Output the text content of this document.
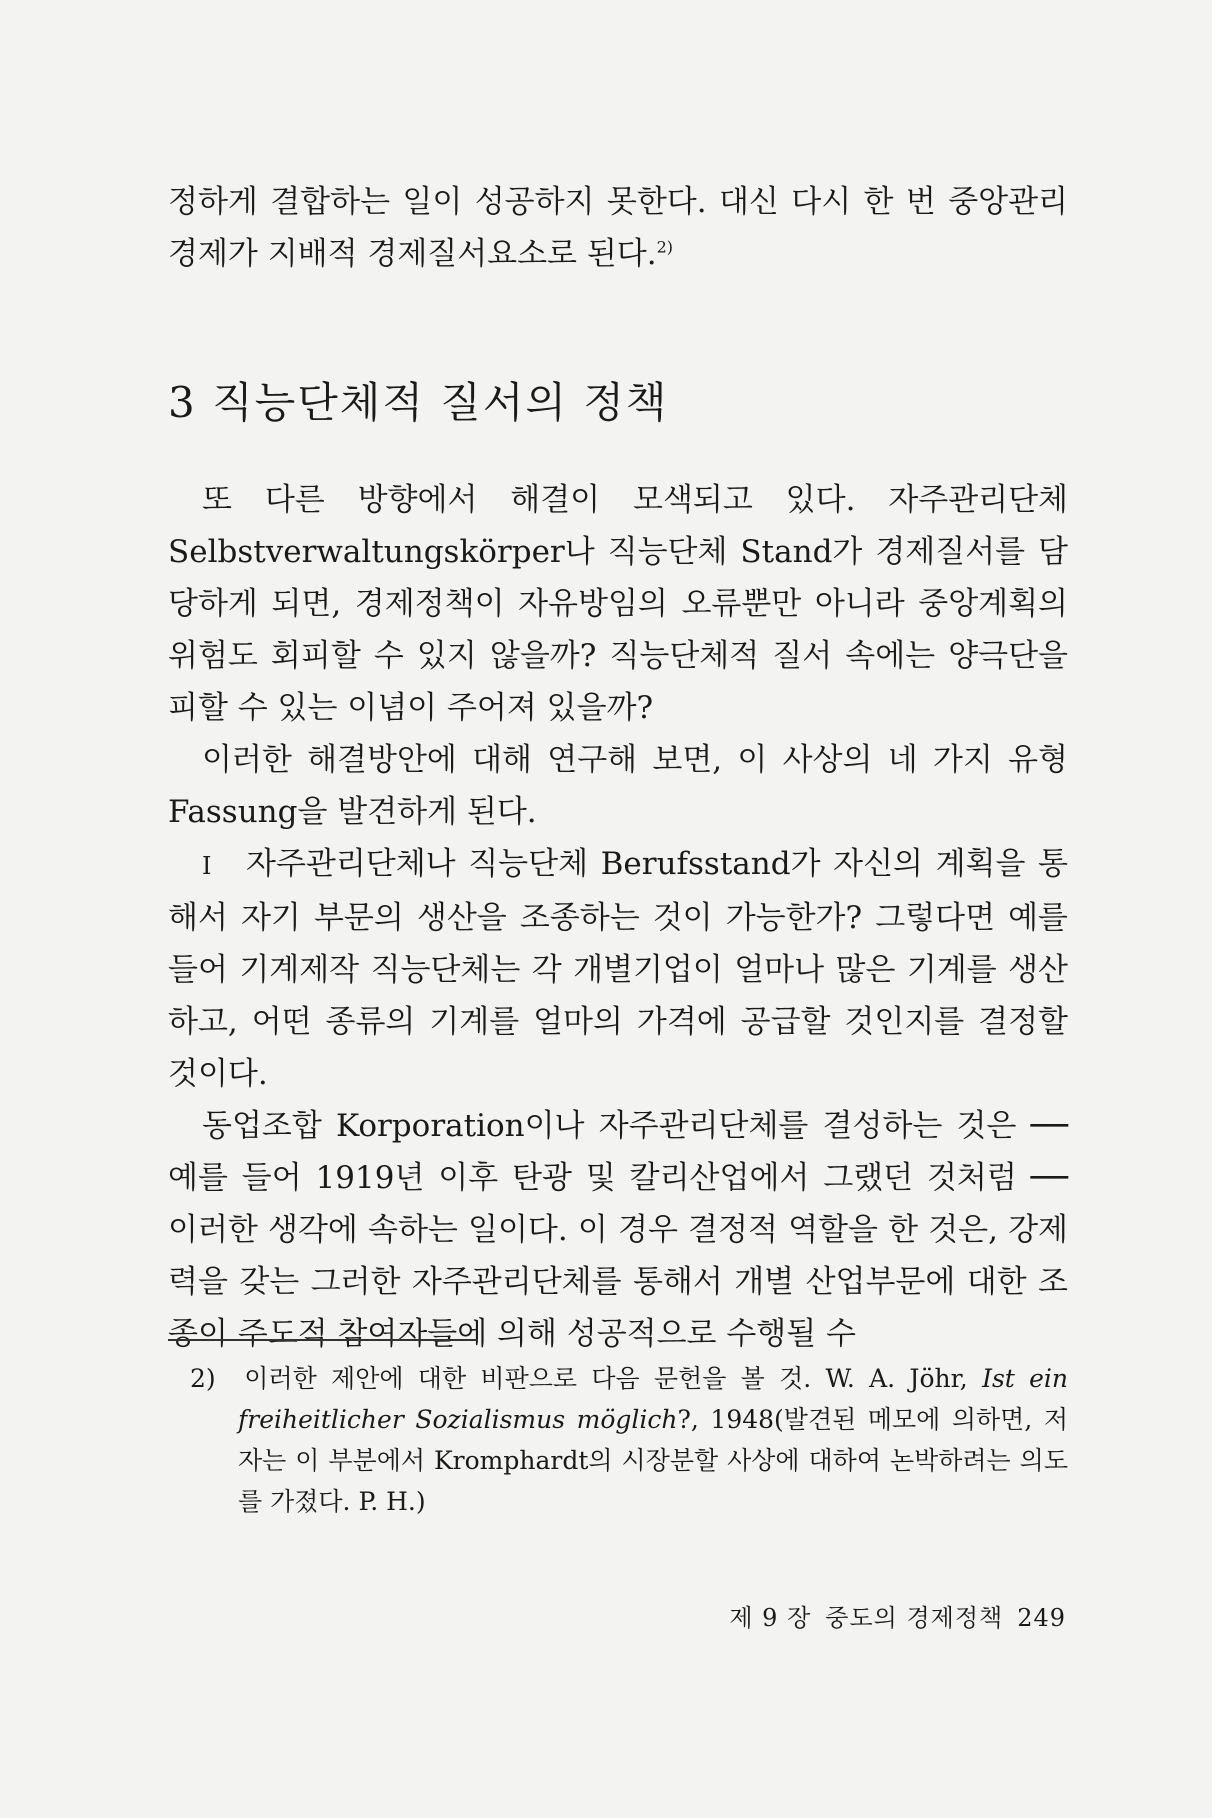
정하게 결합하는 일이 성공하지 못한다. 대신 다시 한 번 중앙관리경제가 지배적 경제질서요소로 된다.$^{2)}$

3 직능단체적 질서의 정책

또 다른 방향에서 해결이 모색되고 있다. 자주관리단체 Selbstverwaltungskörper나 직능단체 Stand가 경제질서를 담당하게 되면, 경제정책이 자유방임의 오류뿐만 아니라 중앙계획의 위험도 회피할 수 있지 않을까? 직능단체적 질서 속에는 양극단을 피할 수 있는 이념이 주어져 있을까?

이러한 해결방안에 대해 연구해 보면, 이 사상의 네 가지 유형 Fassung을 발견하게 된다.

I 자주관리단체나 직능단체 Berufsstand가 자신의 계획을 통해서 자기 부문의 생산을 조종하는 것이 가능한가? 그렇다면 예를 들어 기계제작 직능단체는 각 개별기업이 얼마나 많은 기계를 생산하고, 어떤 종류의 기계를 얼마의 가격에 공급할 것인지를 결정할 것이다.

동업조합 Korporation이나 자주관리단체를 결성하는 것은 ── 예를 들어 1919년 이후 탄광 및 칼리산업에서 그랬던 것처럼 ── 이러한 생각에 속하는 일이다. 이 경우 결정적 역할을 한 것은, 강제력을 갖는 그러한 자주관리단체를 통해서 개별 산업부문에 대한 조종이 주도적 참여자들에 의해 성공적으로 수행될 수

2) 이러한 제안에 대한 비판으로 다음 문헌을 볼 것. W. A. Jöhr, Ist ein freiheitlicher Sozialismus möglich?, 1948(발견된 메모에 의하면, 저자는 이 부분에서 Kromphardt의 시장분할 사상에 대하여 논박하려는 의도를 가졌다. P. H.)
제 9 장 중도의 경제정책 249
